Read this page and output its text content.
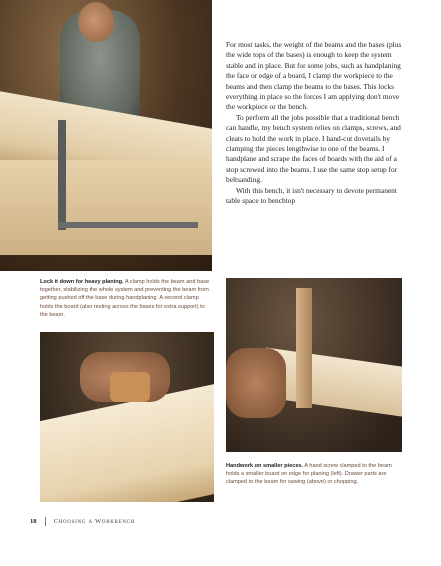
For most tasks, the weight of the beams and the bases (plus the wide tops of the bases) is enough to keep the system stable and in place. But for some jobs, such as handplaning the face or edge of a board, I clamp the workpiece to the beams and then clamp the beams to the bases. This locks everything in place so the forces I am applying don't move the workpiece or the bench.

To perform all the jobs possible that a traditional bench can handle, my bench system relies on clamps, screws, and cleats to hold the work in place. I hand-cut dovetails by clamping the pieces lengthwise to one of the beams. I handplane and scrape the faces of boards with the aid of a stop screwed into the beams. I use the same stop setup for beltsanding.

With this bench, it isn't necessary to devote permanent table space to benchtop

Lock it down for heavy planing. A clamp holds the beam and base together, stabilizing the whole system and preventing the beam from getting pushed off the base during handplaning. A second clamp holds the board (also resting across the bases for extra support) to the beam.
Handwork on smaller pieces. A hand screw clamped to the beam holds a smaller board on edge for planing (left). Drawer parts are clamped to the beam for sawing (above) or chopping.
18	Choosing a Workbench
